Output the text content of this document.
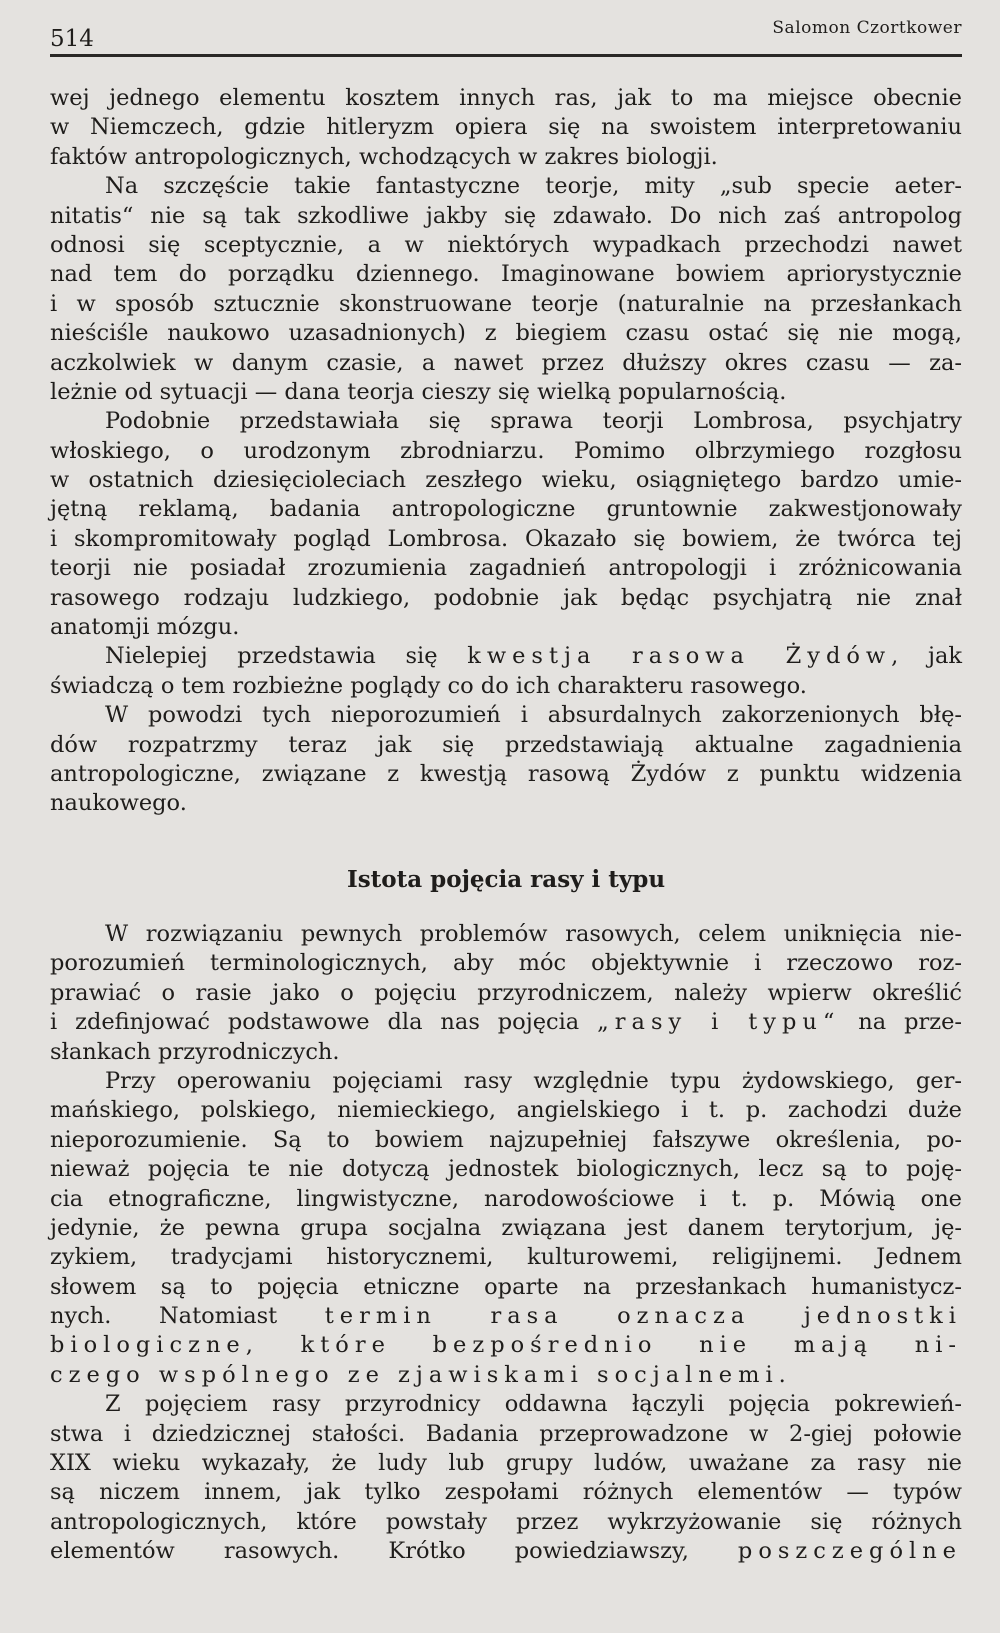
514	Salomon Czortkower
wej jednego elementu kosztem innych ras, jak to ma miejsce obecnie
w Niemczech, gdzie hitleryzm opiera się na swoistem interpretowaniu
faktów antropologicznych, wchodzących w zakres biologji.
Na szczęście takie fantastyczne teorje, mity „sub specie aeter-
nitatis“ nie są tak szkodliwe jakby się zdawało. Do nich zaś antropolog
odnosi się sceptycznie, a w niektórych wypadkach przechodzi nawet
nad tem do porządku dziennego. Imaginowane bowiem apriorystycznie
i w sposób sztucznie skonstruowane teorje (naturalnie na przesłankach
nieściśle naukowo uzasadnionych) z biegiem czasu ostać się nie mogą,
aczkolwiek w danym czasie, a nawet przez dłuższy okres czasu — za-
leżnie od sytuacji — dana teorja cieszy się wielką popularnością.
Podobnie przedstawiała się sprawa teorji Lombrosa, psychjatry
włoskiego, o urodzonym zbrodniarzu. Pomimo olbrzymiego rozgłosu
w ostatnich dziesięcioleciach zeszłego wieku, osiągniętego bardzo umie-
jętną reklamą, badania antropologiczne gruntownie zakwestjonowały
i skompromitowały pogląd Lombrosa. Okazało się bowiem, że twórca tej
teorji nie posiadał zrozumienia zagadnień antropologji i zróżnicowania
rasowego rodzaju ludzkiego, podobnie jak będąc psychjatrą nie znał
anatomji mózgu.
Nielepiej przedstawia się kwestja rasowa Żydów, jak
świadczą o tem rozbieżne poglądy co do ich charakteru rasowego.
W powodzi tych nieporozumień i absurdalnych zakorzenionych błę-
dów rozpatrzmy teraz jak się przedstawiają aktualne zagadnienia
antropologiczne, związane z kwestją rasową Żydów z punktu widzenia
naukowego.
Istota pojęcia rasy i typu
W rozwiązaniu pewnych problemów rasowych, celem uniknięcia nie-
porozumień terminologicznych, aby móc objektywnie i rzeczowo roz-
prawiać o rasie jako o pojęciu przyrodniczem, należy wpierw określić
i zdefinjować podstawowe dla nas pojęcia „rasy i typu“ na prze-
słankach przyrodniczych.
Przy operowaniu pojęciami rasy względnie typu żydowskiego, ger-
mańskiego, polskiego, niemieckiego, angielskiego i t. p. zachodzi duże
nieporozumienie. Są to bowiem najzupełniej fałszywe określenia, po-
nieważ pojęcia te nie dotyczą jednostek biologicznych, lecz są to poję-
cia etnograficzne, lingwistyczne, narodowościowe i t. p. Mówią one
jedynie, że pewna grupa socjalna związana jest danem terytorjum, ję-
zykiem, tradycjami historycznemi, kulturowemi, religijnemi. Jednem
słowem są to pojęcia etniczne oparte na przesłankach humanistycz-
nych. Natomiast termin rasa oznacza jednostki
biologiczne, które bezpośrednio nie mają ni-
czego wspólnego ze zjawiskami socjalnemi.
Z pojęciem rasy przyrodnicy oddawna łączyli pojęcia pokrewień-
stwa i dziedzicznej stałości. Badania przeprowadzone w 2-giej połowie
XIX wieku wykazały, że ludy lub grupy ludów, uważane za rasy nie
są niczem innem, jak tylko zespołami różnych elementów — typów
antropologicznych, które powstały przez wykrzyżowanie się różnych
elementów rasowych. Krótko powiedziawszy, poszczególne
